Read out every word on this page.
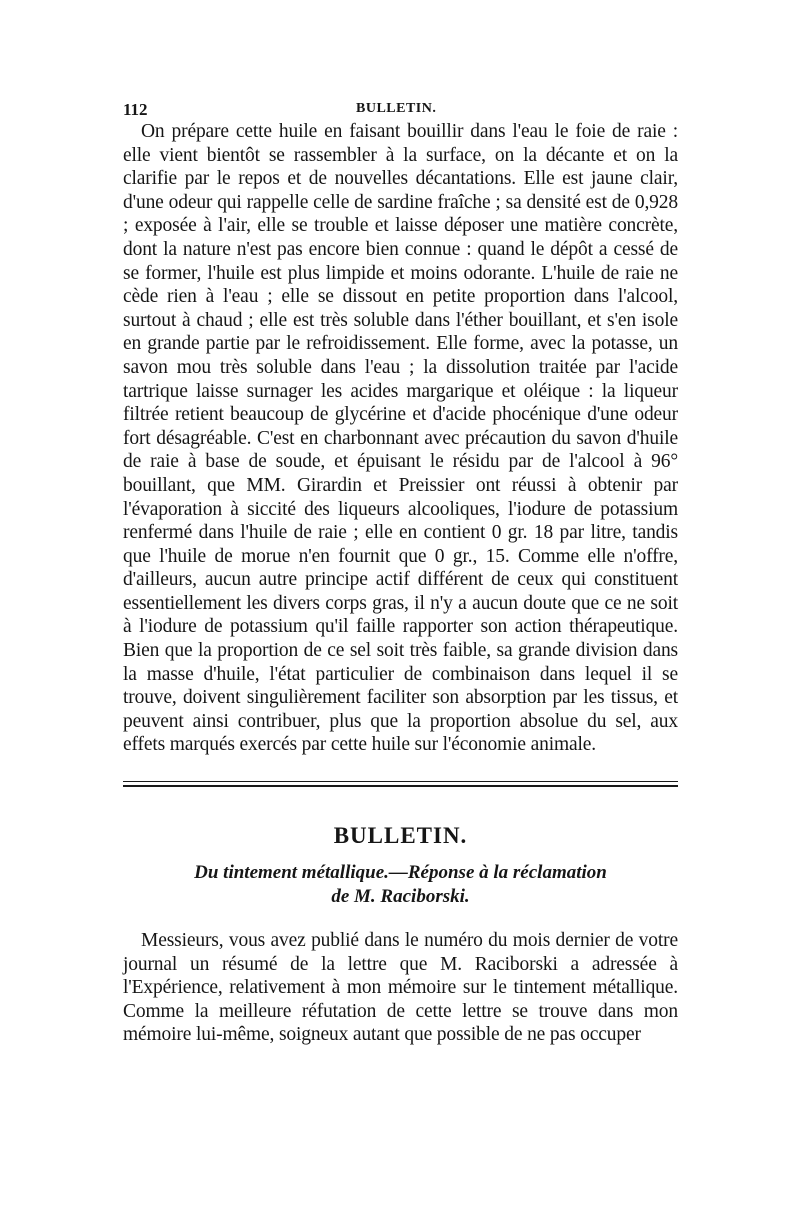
112	BULLETIN.

On prépare cette huile en faisant bouillir dans l'eau le foie de raie : elle vient bientôt se rassembler à la surface, on la décante et on la clarifie par le repos et de nouvelles décantations. Elle est jaune clair, d'une odeur qui rappelle celle de sardine fraîche ; sa densité est de 0,928 ; exposée à l'air, elle se trouble et laisse déposer une matière concrète, dont la nature n'est pas encore bien connue : quand le dépôt a cessé de se former, l'huile est plus limpide et moins odorante. L'huile de raie ne cède rien à l'eau ; elle se dissout en petite proportion dans l'alcool, surtout à chaud ; elle est très soluble dans l'éther bouillant, et s'en isole en grande partie par le refroidissement. Elle forme, avec la potasse, un savon mou très soluble dans l'eau ; la dissolution traitée par l'acide tartrique laisse surnager les acides margarique et oléique : la liqueur filtrée retient beaucoup de glycérine et d'acide phocénique d'une odeur fort désagréable. C'est en charbonnant avec précaution du savon d'huile de raie à base de soude, et épuisant le résidu par de l'alcool à 96° bouillant, que MM. Girardin et Preissier ont réussi à obtenir par l'évaporation à siccité des liqueurs alcooliques, l'iodure de potassium renfermé dans l'huile de raie ; elle en contient 0 gr. 18 par litre, tandis que l'huile de morue n'en fournit que 0 gr., 15. Comme elle n'offre, d'ailleurs, aucun autre principe actif différent de ceux qui constituent essentiellement les divers corps gras, il n'y a aucun doute que ce ne soit à l'iodure de potassium qu'il faille rapporter son action thérapeutique. Bien que la proportion de ce sel soit très faible, sa grande division dans la masse d'huile, l'état particulier de combinaison dans lequel il se trouve, doivent singulièrement faciliter son absorption par les tissus, et peuvent ainsi contribuer, plus que la proportion absolue du sel, aux effets marqués exercés par cette huile sur l'économie animale.

BULLETIN.
Du tintement métallique.—Réponse à la réclamation
de M. Raciborski.

Messieurs, vous avez publié dans le numéro du mois dernier de votre journal un résumé de la lettre que M. Raciborski a adressée à l'Expérience, relativement à mon mémoire sur le tintement métallique. Comme la meilleure réfutation de cette lettre se trouve dans mon mémoire lui-même, soigneux autant que possible de ne pas occuper
